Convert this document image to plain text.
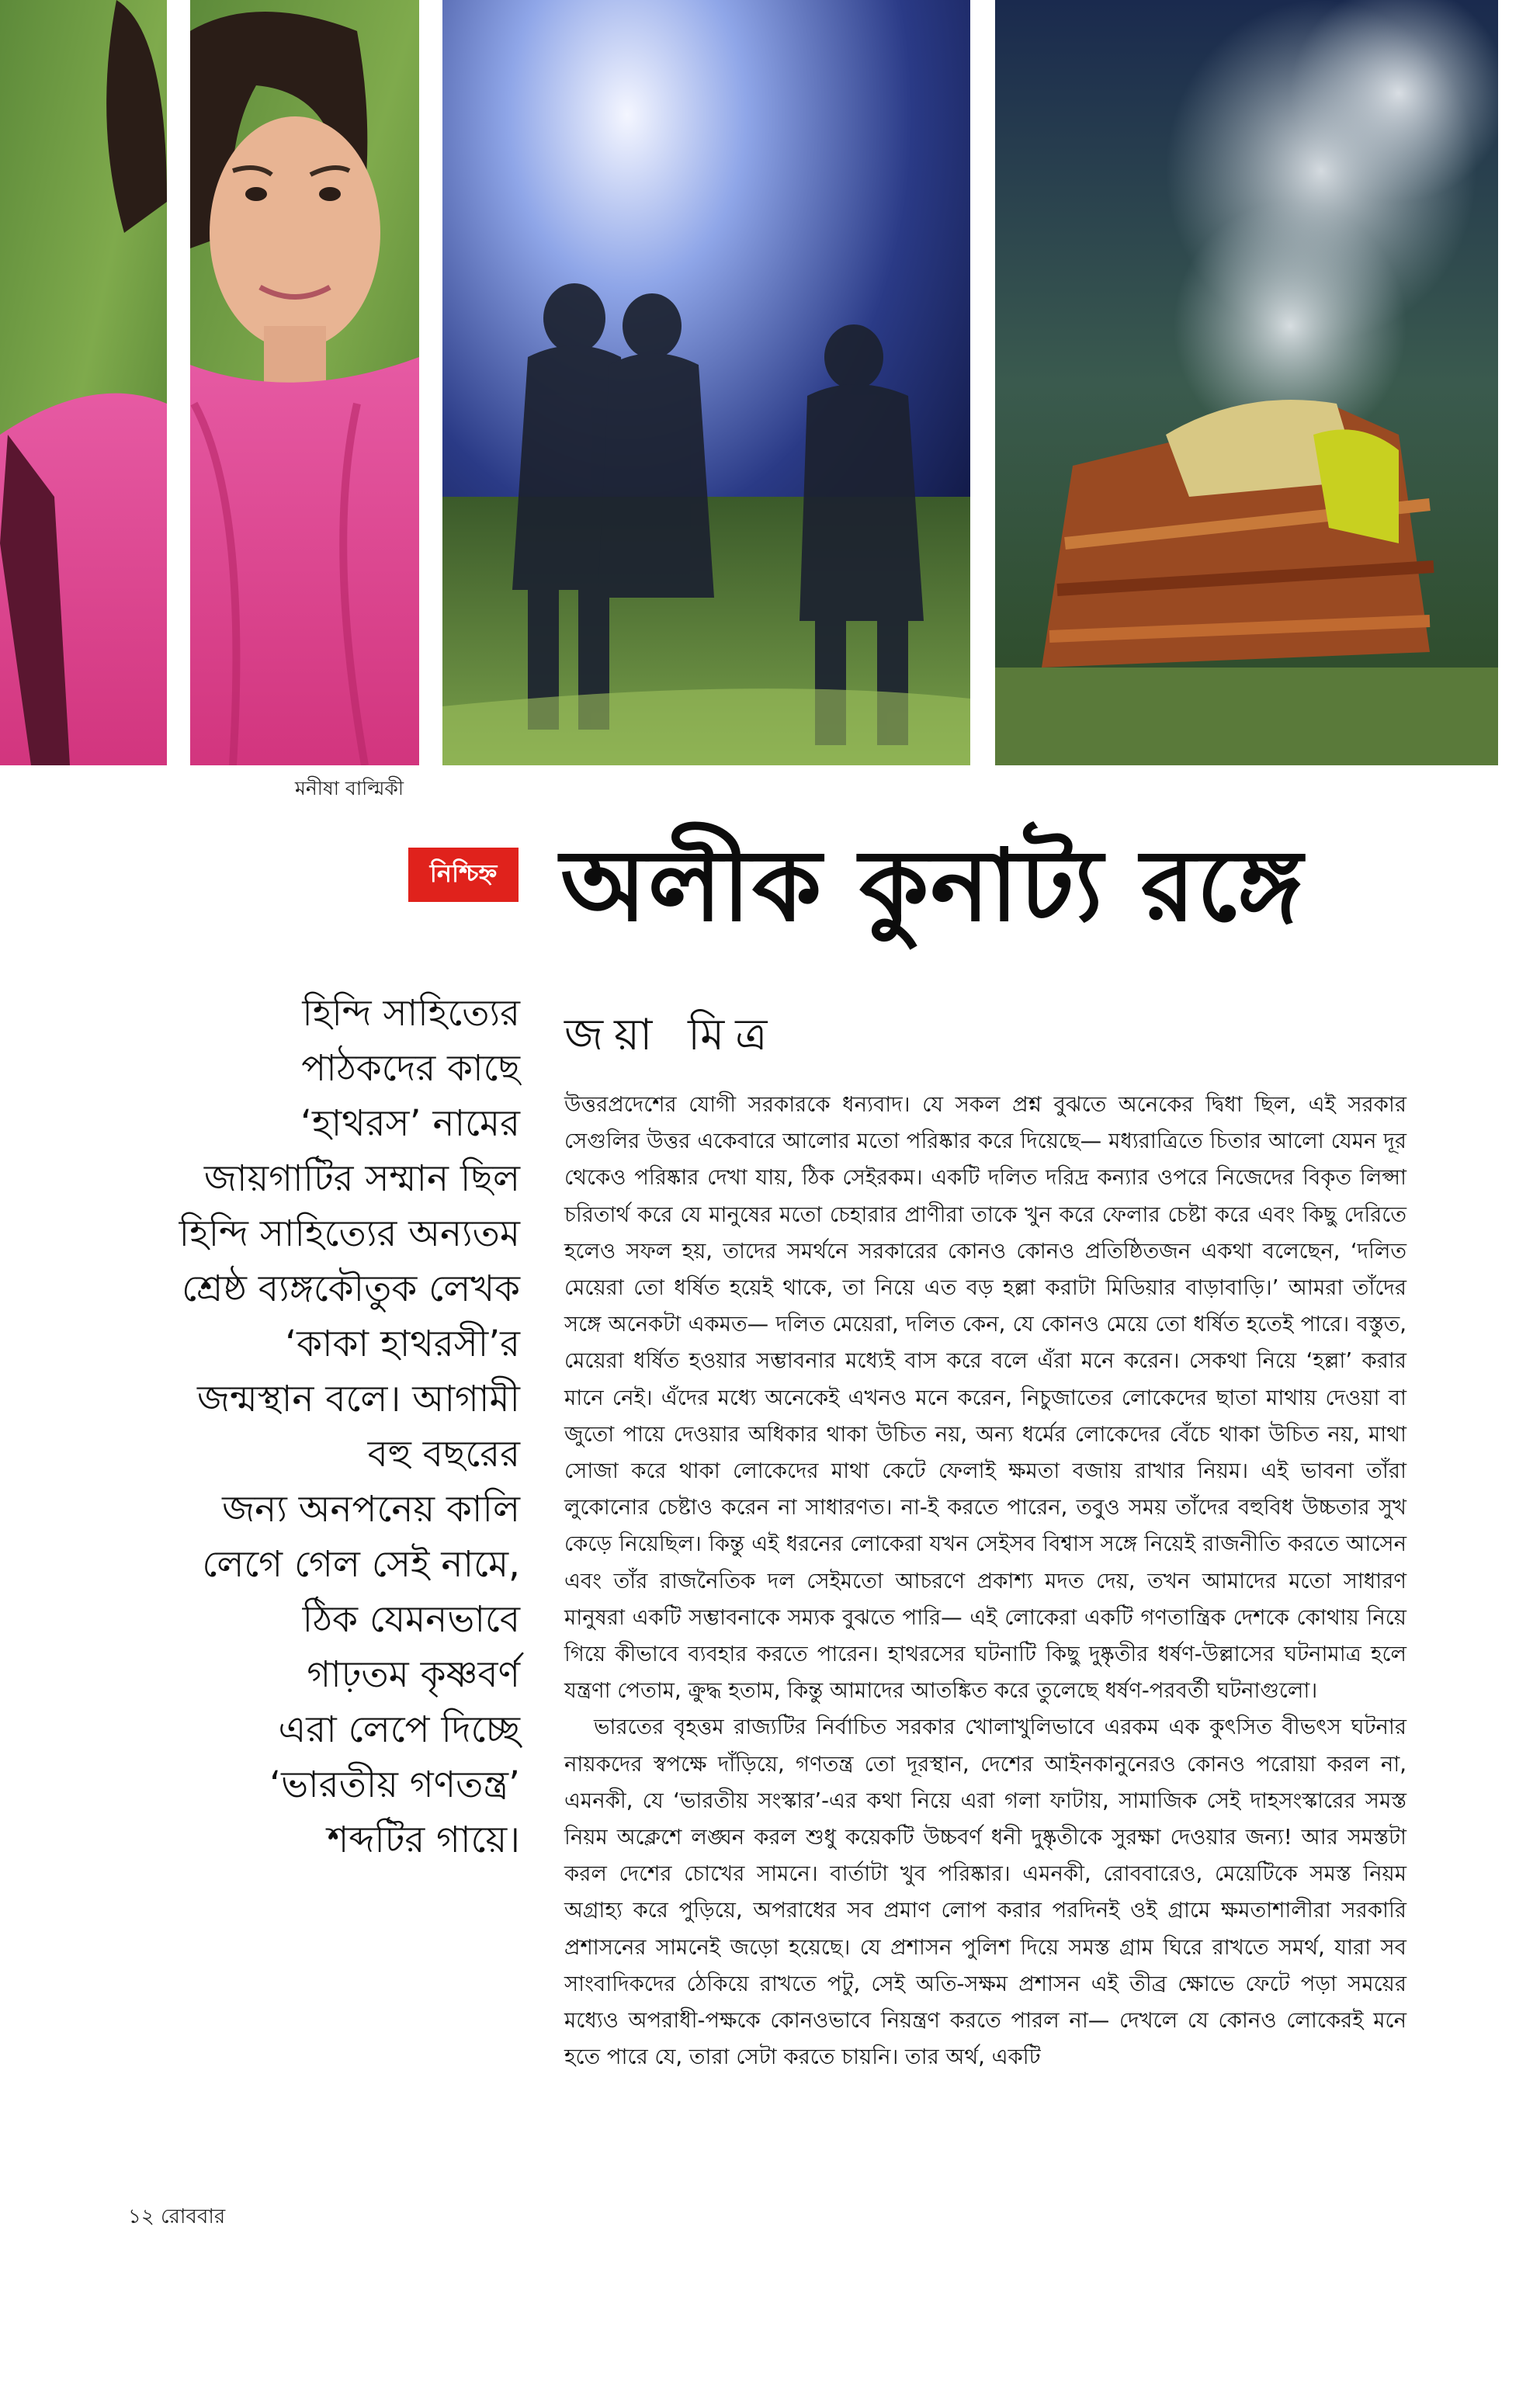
মনীষা বাল্মিকী
নিশ্চিহ্ন অলীক কুনাট্য রঙ্গে
হিন্দি সাহিত্যের
পাঠকদের কাছে
‘হাথরস’ নামের
জায়গাটির সম্মান ছিল
হিন্দি সাহিত্যের অন্যতম
শ্রেষ্ঠ ব্যঙ্গকৌতুক লেখক
‘কাকা হাথরসী’র
জন্মস্থান বলে। আগামী
বহু বছরের
জন্য অনপনেয় কালি
লেগে গেল সেই নামে,
ঠিক যেমনভাবে
গাঢ়তম কৃষ্ণবর্ণ
এরা লেপে দিচ্ছে
‘ভারতীয় গণতন্ত্র’
শব্দটির গায়ে।
জয়া মিত্র

উত্তরপ্রদেশের যোগী সরকারকে ধন্যবাদ। যে সকল প্রশ্ন বুঝতে অনেকের দ্বিধা ছিল, এই সরকার সেগুলির উত্তর একেবারে আলোর মতো পরিষ্কার করে দিয়েছে— মধ্যরাত্রিতে চিতার আলো যেমন দূর থেকেও পরিষ্কার দেখা যায়, ঠিক সেইরকম। একটি দলিত দরিদ্র কন্যার ওপরে নিজেদের বিকৃত লিপ্সা চরিতার্থ করে যে মানুষের মতো চেহারার প্রাণীরা তাকে খুন করে ফেলার চেষ্টা করে এবং কিছু দেরিতে হলেও সফল হয়, তাদের সমর্থনে সরকারের কোনও কোনও প্রতিষ্ঠিতজন একথা বলেছেন, ‘দলিত মেয়েরা তো ধর্ষিত হয়েই থাকে, তা নিয়ে এত বড় হল্লা করাটা মিডিয়ার বাড়াবাড়ি।’ আমরা তাঁদের সঙ্গে অনেকটা একমত— দলিত মেয়েরা, দলিত কেন, যে কোনও মেয়ে তো ধর্ষিত হতেই পারে। বস্তুত, মেয়েরা ধর্ষিত হওয়ার সম্ভাবনার মধ্যেই বাস করে বলে এঁরা মনে করেন। সেকথা নিয়ে ‘হল্লা’ করার মানে নেই। এঁদের মধ্যে অনেকেই এখনও মনে করেন, নিচুজাতের লোকেদের ছাতা মাথায় দেওয়া বা জুতো পায়ে দেওয়ার অধিকার থাকা উচিত নয়, অন্য ধর্মের লোকেদের বেঁচে থাকা উচিত নয়, মাথা সোজা করে থাকা লোকেদের মাথা কেটে ফেলাই ক্ষমতা বজায় রাখার নিয়ম। এই ভাবনা তাঁরা লুকোনোর চেষ্টাও করেন না সাধারণত। না-ই করতে পারেন, তবুও সময় তাঁদের বহুবিধ উচ্চতার সুখ কেড়ে নিয়েছিল। কিন্তু এই ধরনের লোকেরা যখন সেইসব বিশ্বাস সঙ্গে নিয়েই রাজনীতি করতে আসেন এবং তাঁর রাজনৈতিক দল সেইমতো আচরণে প্রকাশ্য মদত দেয়, তখন আমাদের মতো সাধারণ মানুষরা একটি সম্ভাবনাকে সম্যক বুঝতে পারি— এই লোকেরা একটি গণতান্ত্রিক দেশকে কোথায় নিয়ে গিয়ে কীভাবে ব্যবহার করতে পারেন। হাথরসের ঘটনাটি কিছু দুষ্কৃতীর ধর্ষণ-উল্লাসের ঘটনামাত্র হলে যন্ত্রণা পেতাম, ক্রুদ্ধ হতাম, কিন্তু আমাদের আতঙ্কিত করে তুলেছে ধর্ষণ-পরবর্তী ঘটনাগুলো।

ভারতের বৃহত্তম রাজ্যটির নির্বাচিত সরকার খোলাখুলিভাবে এরকম এক কুৎসিত বীভৎস ঘটনার নায়কদের স্বপক্ষে দাঁড়িয়ে, গণতন্ত্র তো দূরস্থান, দেশের আইনকানুনেরও কোনও পরোয়া করল না, এমনকী, যে ‘ভারতীয় সংস্কার’-এর কথা নিয়ে এরা গলা ফাটায়, সামাজিক সেই দাহসংস্কারের সমস্ত নিয়ম অক্লেশে লঙ্ঘন করল শুধু কয়েকটি উচ্চবর্ণ ধনী দুষ্কৃতীকে সুরক্ষা দেওয়ার জন্য! আর সমস্তটা করল দেশের চোখের সামনে। বার্তাটা খুব পরিষ্কার। এমনকী, রোববারেও, মেয়েটিকে সমস্ত নিয়ম অগ্রাহ্য করে পুড়িয়ে, অপরাধের সব প্রমাণ লোপ করার পরদিনই ওই গ্রামে ক্ষমতাশালীরা সরকারি প্রশাসনের সামনেই জড়ো হয়েছে। যে প্রশাসন পুলিশ দিয়ে সমস্ত গ্রাম ঘিরে রাখতে সমর্থ, যারা সব সাংবাদিকদের ঠেকিয়ে রাখতে পটু, সেই অতি-সক্ষম প্রশাসন এই তীব্র ক্ষোভে ফেটে পড়া সময়ের মধ্যেও অপরাধী-পক্ষকে কোনওভাবে নিয়ন্ত্রণ করতে পারল না— দেখলে যে কোনও লোকেরই মনে হতে পারে যে, তারা সেটা করতে চায়নি। তার অর্থ, একটি

১২ রোববার
